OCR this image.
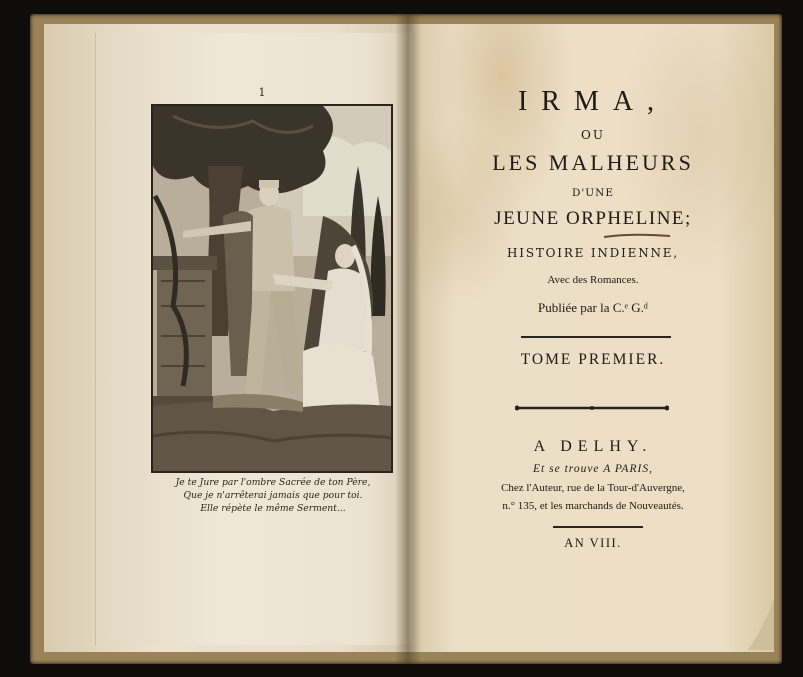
1
Je te Jure par l'ombre Sacrée de ton Père,
Que je n'arrêterai jamais que pour toi.
Elle répète le même Serment...
IRMA,
OU
LES MALHEURS
D'UNE
JEUNE ORPHELINE;
HISTOIRE INDIENNE,
Avec des Romances.
Publiée par la C.ᵉ G.ᵈ
TOME PREMIER.
A DELHY.
Et se trouve A PARIS,
Chez l'Auteur, rue de la Tour-d'Auvergne,
n.° 135, et les marchands de Nouveautés.
AN VIII.
